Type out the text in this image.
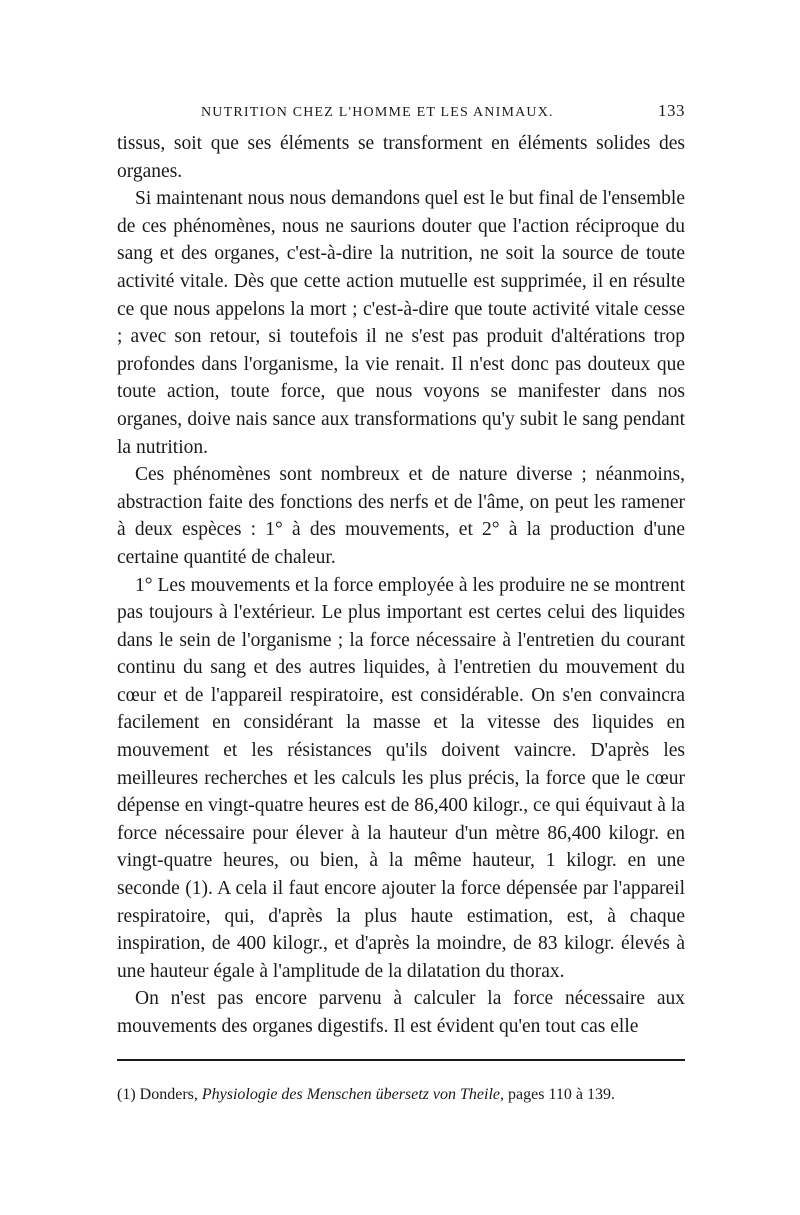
NUTRITION CHEZ L'HOMME ET LES ANIMAUX.	133

tissus, soit que ses éléments se transforment en éléments solides des organes.

Si maintenant nous nous demandons quel est le but final de l'ensemble de ces phénomènes, nous ne saurions douter que l'action réciproque du sang et des organes, c'est-à-dire la nutrition, ne soit la source de toute activité vitale. Dès que cette action mutuelle est supprimée, il en résulte ce que nous appelons la mort ; c'est-à-dire que toute activité vitale cesse ; avec son retour, si toutefois il ne s'est pas produit d'altérations trop profondes dans l'organisme, la vie renait. Il n'est donc pas douteux que toute action, toute force, que nous voyons se manifester dans nos organes, doive nais sance aux transformations qu'y subit le sang pendant la nutrition.

Ces phénomènes sont nombreux et de nature diverse ; néanmoins, abstraction faite des fonctions des nerfs et de l'âme, on peut les ramener à deux espèces : 1° à des mouvements, et 2° à la production d'une certaine quantité de chaleur.

1° Les mouvements et la force employée à les produire ne se montrent pas toujours à l'extérieur. Le plus important est certes celui des liquides dans le sein de l'organisme ; la force nécessaire à l'entretien du courant continu du sang et des autres liquides, à l'entretien du mouvement du cœur et de l'appareil respiratoire, est considérable. On s'en convaincra facilement en considérant la masse et la vitesse des liquides en mouvement et les résistances qu'ils doivent vaincre. D'après les meilleures recherches et les calculs les plus précis, la force que le cœur dépense en vingt-quatre heures est de 86,400 kilogr., ce qui équivaut à la force nécessaire pour élever à la hauteur d'un mètre 86,400 kilogr. en vingt-quatre heures, ou bien, à la même hauteur, 1 kilogr. en une seconde (1). A cela il faut encore ajouter la force dépensée par l'appareil respiratoire, qui, d'après la plus haute estimation, est, à chaque inspiration, de 400 kilogr., et d'après la moindre, de 83 kilogr. élevés à une hauteur égale à l'amplitude de la dilatation du thorax.

On n'est pas encore parvenu à calculer la force nécessaire aux mouvements des organes digestifs. Il est évident qu'en tout cas elle

(1) Donders, Physiologie des Menschen übersetz von Theile, pages 110 à 139.
